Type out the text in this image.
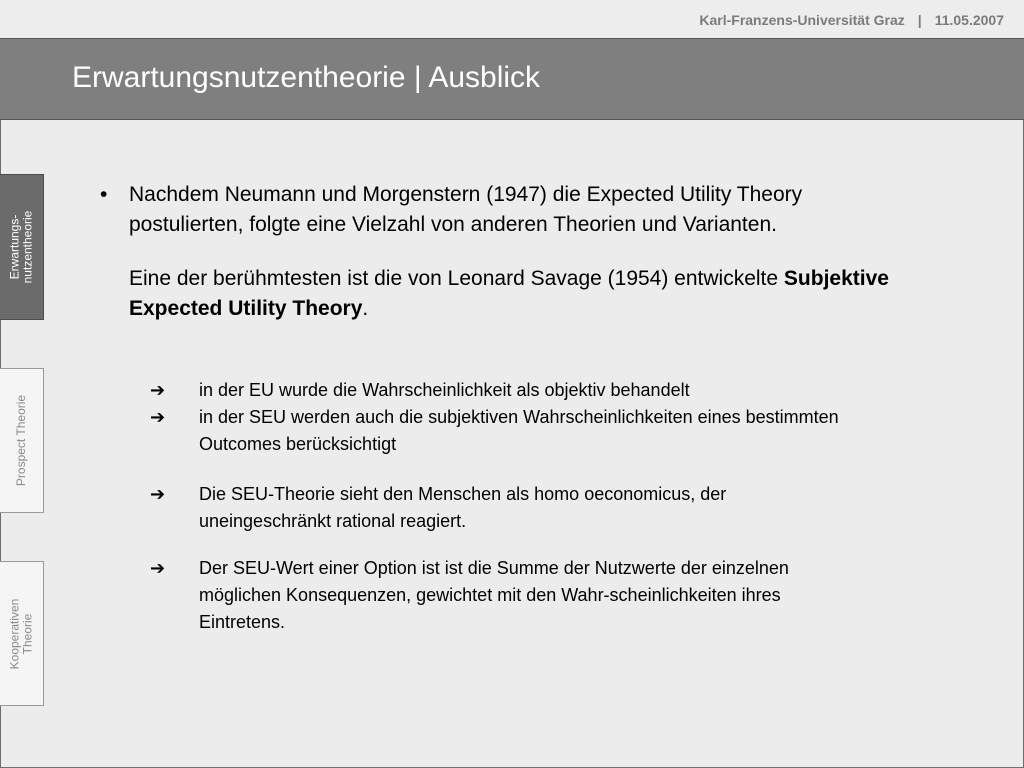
Karl-Franzens-Universität Graz | 11.05.2007
Erwartungsnutzentheorie | Ausblick
Erwartungs- nutzentheorie
Prospect Theorie
Kooperativen Theorie
•	Nachdem Neumann und Morgenstern (1947) die Expected Utility Theory postulierten, folgte eine Vielzahl von anderen Theorien und Varianten.
Eine der berühmtesten ist die von Leonard Savage (1954) entwickelte Subjektive Expected Utility Theory.
➔	in der EU wurde die Wahrscheinlichkeit als objektiv behandelt
➔	in der SEU werden auch die subjektiven Wahrscheinlichkeiten eines bestimmten Outcomes berücksichtigt
➔	Die SEU-Theorie sieht den Menschen als homo oeconomicus, der uneingeschränkt rational reagiert.
➔	Der SEU-Wert einer Option ist ist die Summe der Nutzwerte der einzelnen möglichen Konsequenzen, gewichtet mit den Wahr-scheinlichkeiten ihres Eintretens.
